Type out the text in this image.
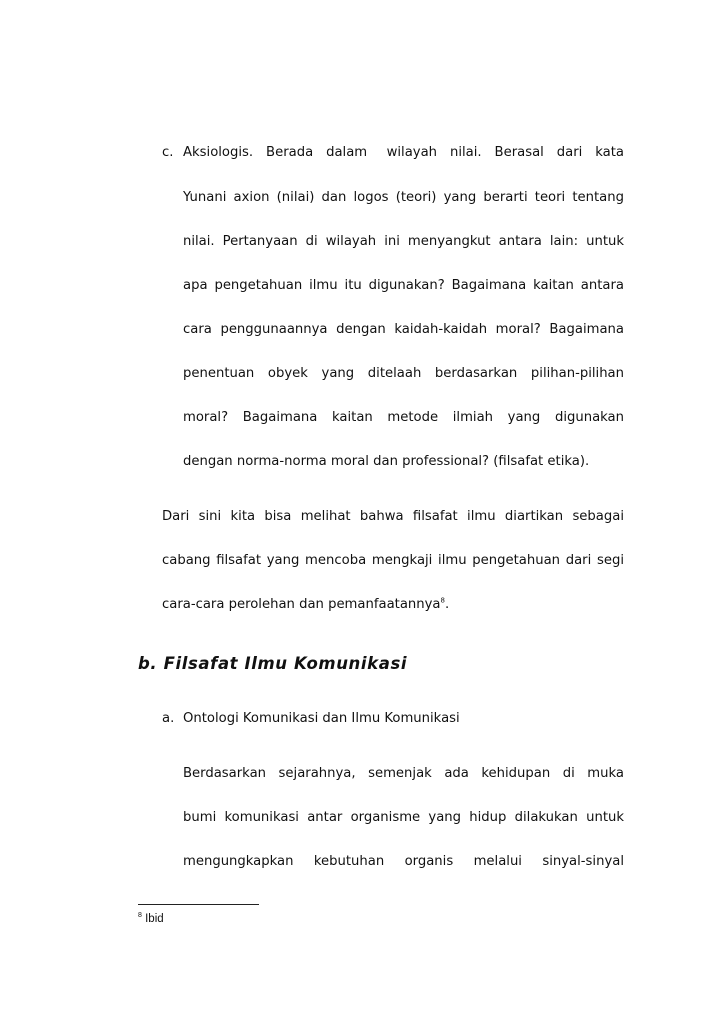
c. Aksiologis.  Berada  dalam   wilayah  nilai.  Berasal  dari  kata
Yunani axion (nilai) dan logos (teori) yang berarti teori tentang
nilai. Pertanyaan di wilayah ini menyangkut antara lain: untuk
apa pengetahuan ilmu itu digunakan? Bagaimana kaitan antara
cara penggunaannya dengan kaidah-kaidah moral? Bagaimana
penentuan obyek yang ditelaah berdasarkan pilihan-pilihan
moral? Bagaimana kaitan metode ilmiah yang digunakan
dengan norma-norma moral dan professional? (filsafat etika).
Dari sini kita bisa melihat bahwa filsafat ilmu diartikan sebagai
cabang filsafat yang mencoba mengkaji ilmu pengetahuan dari segi
cara-cara perolehan dan pemanfaatannya$^8$.
b. Filsafat Ilmu Komunikasi
a. Ontologi Komunikasi dan Ilmu Komunikasi
Berdasarkan sejarahnya, semenjak ada kehidupan di muka
bumi komunikasi antar organisme yang hidup dilakukan untuk
mengungkapkan kebutuhan organis melalui sinyal-sinyal
$^8$ Ibid
